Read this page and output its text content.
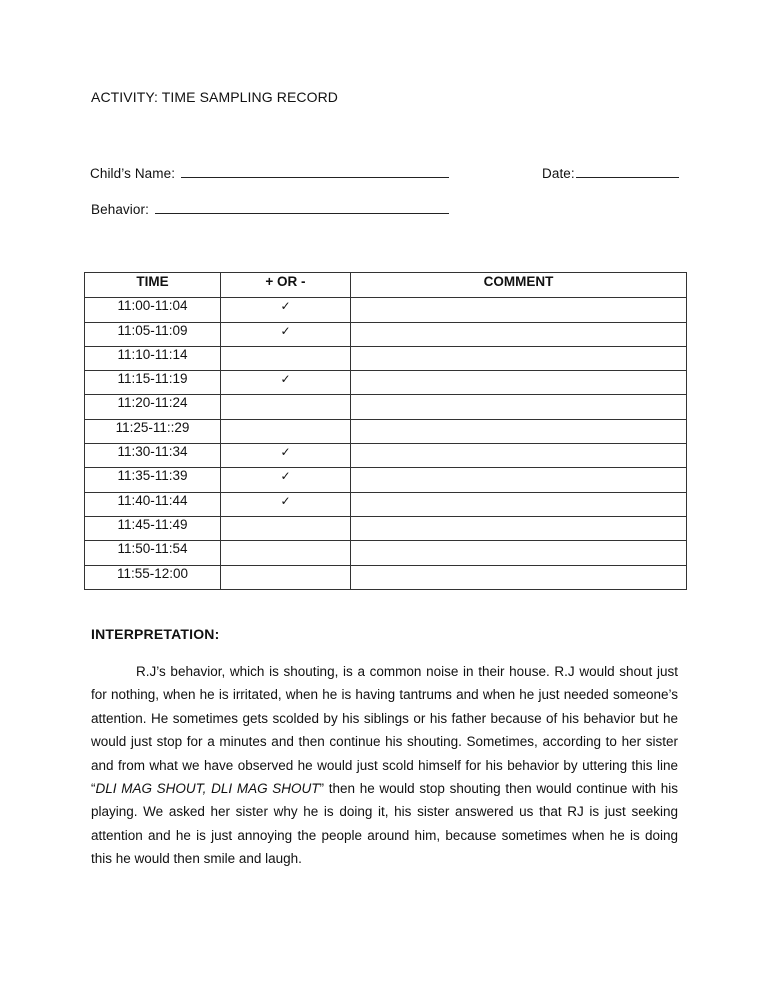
ACTIVITY: TIME SAMPLING RECORD
Child’s Name:	Date:
Behavior:
TIME	+ OR -	COMMENT
11:00-11:04	✓	
11:05-11:09	✓	
11:10-11:14		
11:15-11:19	✓	
11:20-11:24		
11:25-11::29		
11:30-11:34	✓	
11:35-11:39	✓	
11:40-11:44	✓	
11:45-11:49		
11:50-11:54		
11:55-12:00		
INTERPRETATION:

R.J’s behavior, which is shouting, is a common noise in their house. R.J would shout just for nothing, when he is irritated, when he is having tantrums and when he just needed someone’s attention. He sometimes gets scolded by his siblings or his father because of his behavior but he would just stop for a minutes and then continue his shouting. Sometimes, according to her sister and from what we have observed he would just scold himself for his behavior by uttering this line “DLI MAG SHOUT, DLI MAG SHOUT” then he would stop shouting then would continue with his playing. We asked her sister why he is doing it, his sister answered us that RJ is just seeking attention and he is just annoying the people around him, because sometimes when he is doing this he would then smile and laugh.
